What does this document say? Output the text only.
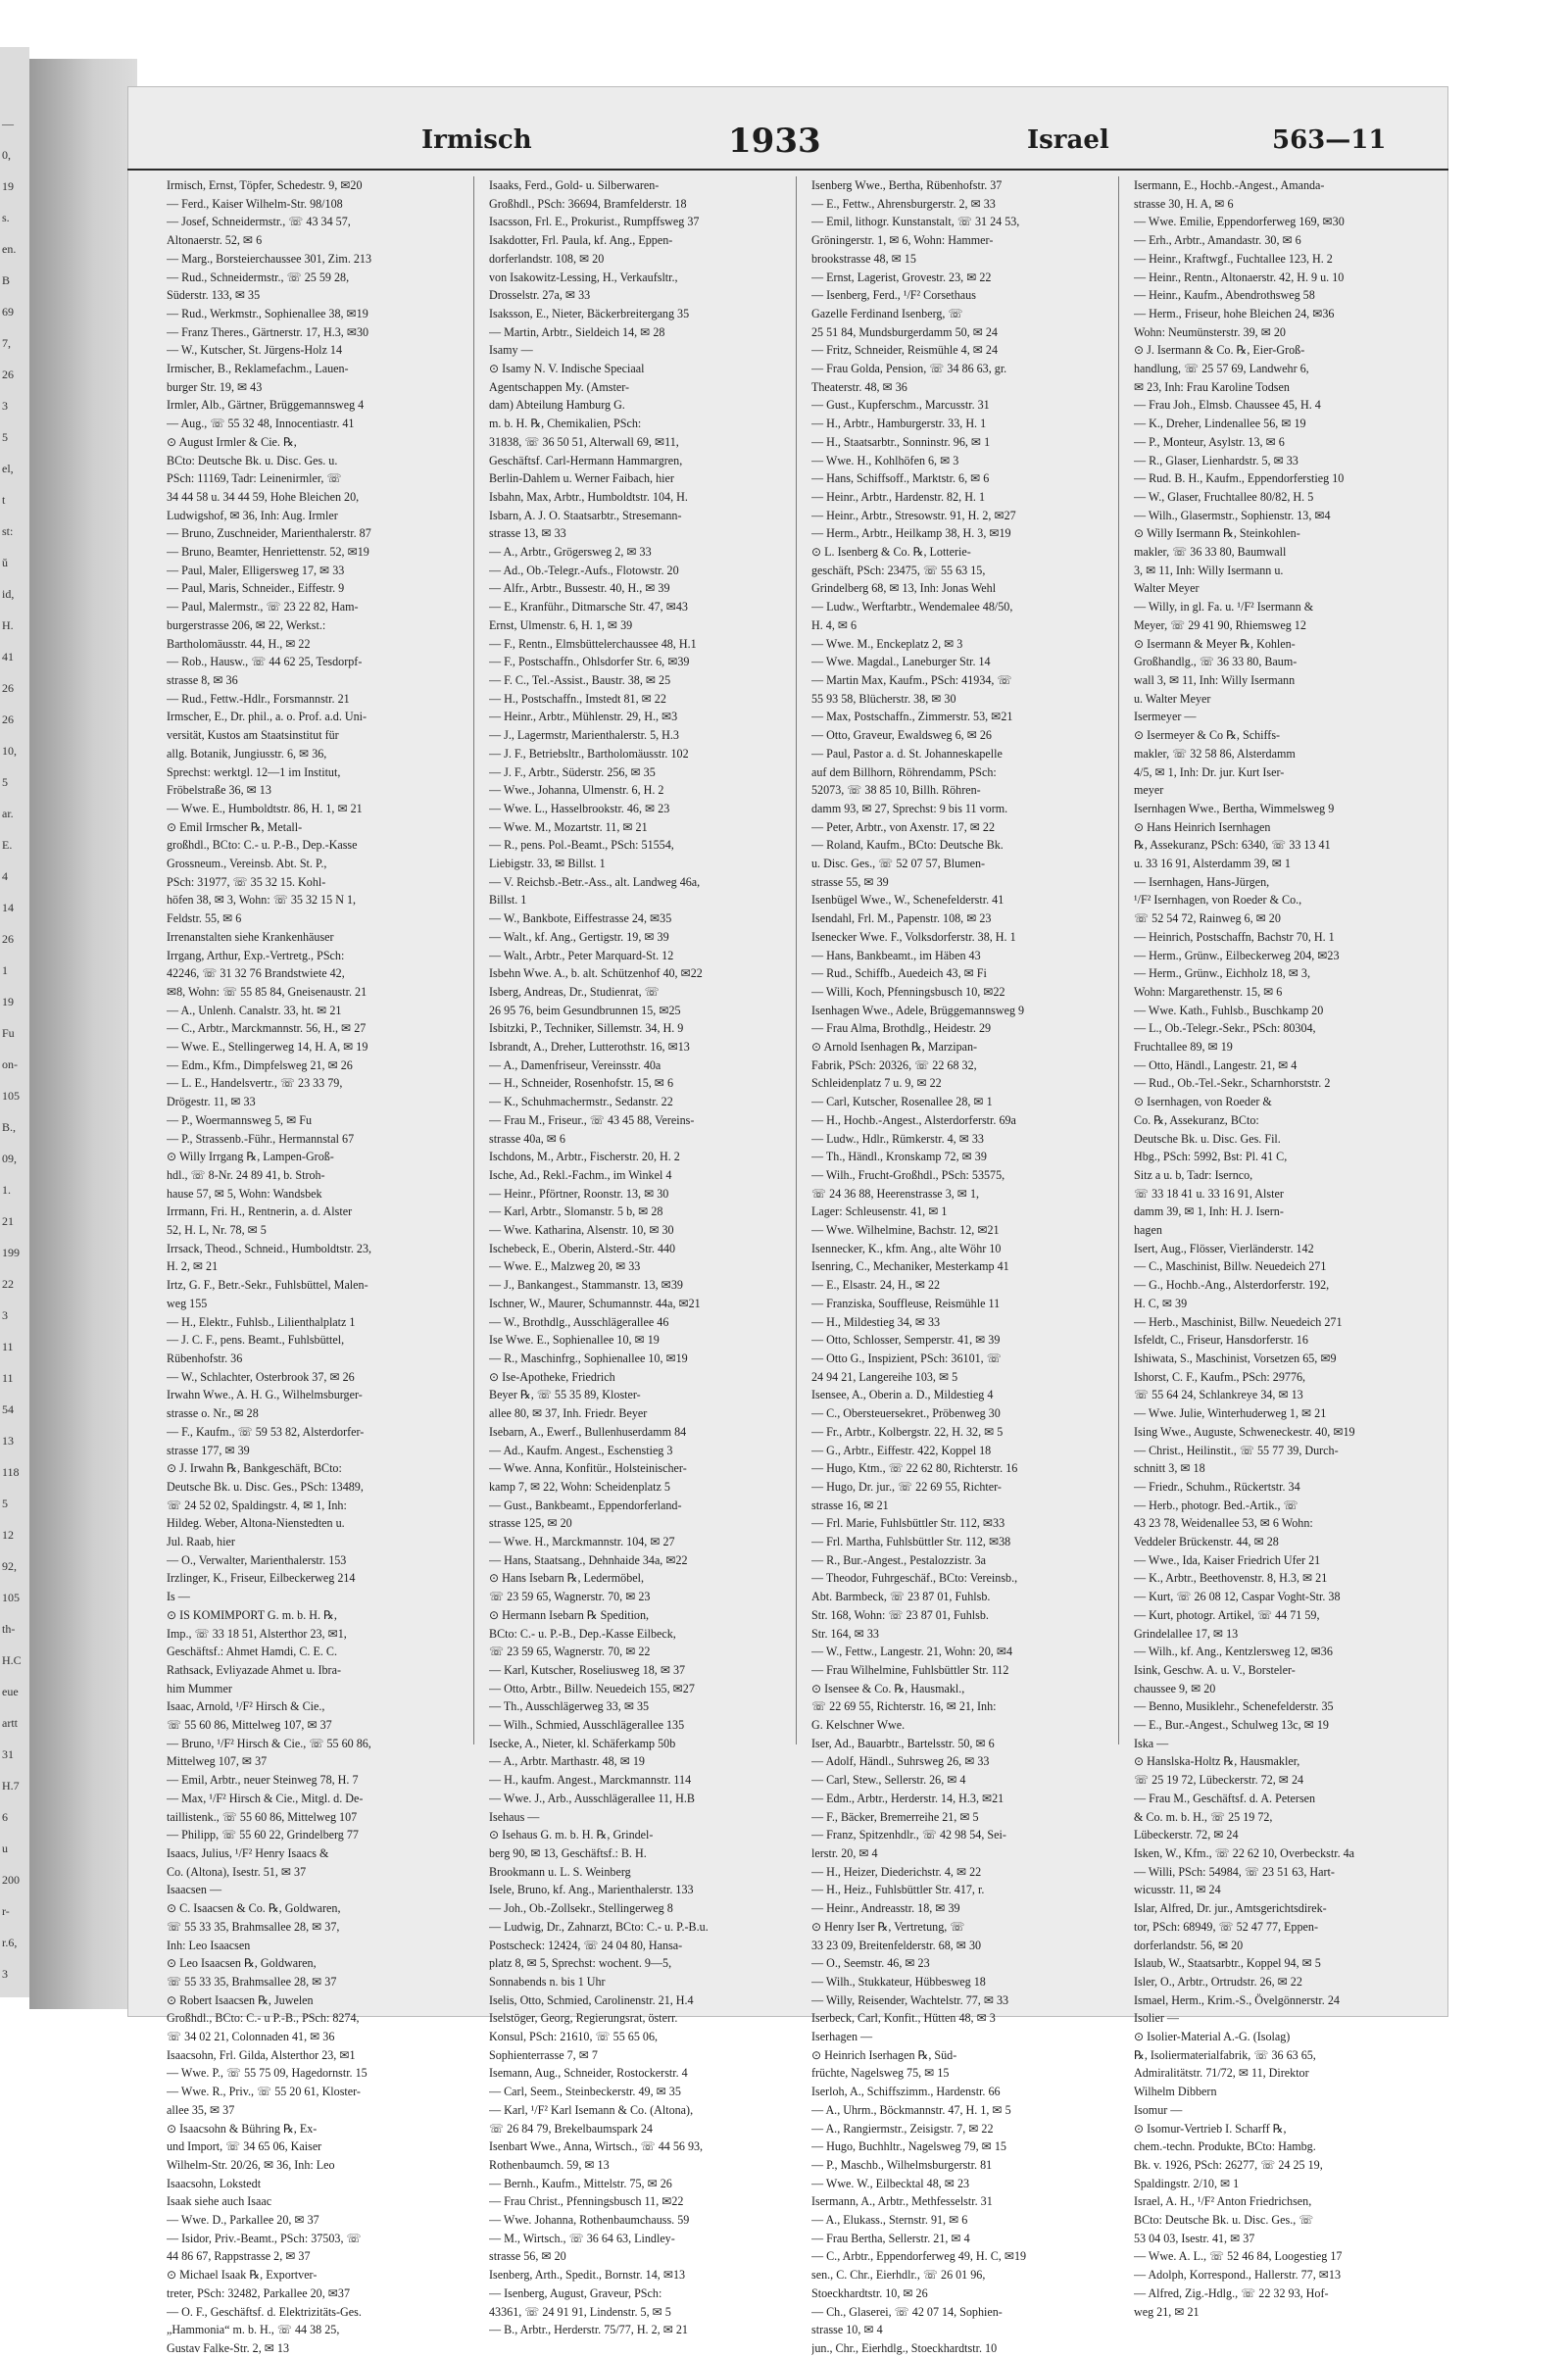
—
0,
19
s.
en.
B
69
7,
26
3
5
el,
t
st:
ŭ
id,
H.
41
26
26
10,
5
ar.
E.
4
14
26
1
19
Fu
on-
105
B.,
09,
1.
21
199
22
3
11
11
54
13
118
5
12
92,
105
th-
H.C
eue
artt
31
H.7
6
u
200
r-
r.6,
3
Irmisch	1933	Israel	563—11
Irmisch, Ernst, Töpfer, Schedestr. 9, ✉20
— Ferd., Kaiser Wilhelm-Str. 98/108
— Josef, Schneidermstr., ☏ 43 34 57,
Altonaerstr. 52, ✉ 6
— Marg., Borsteierchaussee 301, Zim. 213
— Rud., Schneidermstr., ☏ 25 59 28,
Süderstr. 133, ✉ 35
— Rud., Werkmstr., Sophienallee 38, ✉19
— Franz Theres., Gärtnerstr. 17, H.3, ✉30
— W., Kutscher, St. Jürgens-Holz 14
Irmischer, B., Reklamefachm., Lauen-
burger Str. 19, ✉ 43
Irmler, Alb., Gärtner, Brüggemannsweg 4
— Aug., ☏ 55 32 48, Innocentiastr. 41
⊙ August Irmler & Cie. ℞,
BCto: Deutsche Bk. u. Disc. Ges. u.
PSch: 11169, Tadr: Leinenirmler, ☏
34 44 58 u. 34 44 59, Hohe Bleichen 20,
Ludwigshof, ✉ 36, Inh: Aug. Irmler
— Bruno, Zuschneider, Marienthalerstr. 87
— Bruno, Beamter, Henriettenstr. 52, ✉19
— Paul, Maler, Elligersweg 17, ✉ 33
— Paul, Maris, Schneider., Eiffestr. 9
— Paul, Malermstr., ☏ 23 22 82, Ham-
burgerstrasse 206, ✉ 22, Werkst.:
Bartholomäusstr. 44, H., ✉ 22
— Rob., Hausw., ☏ 44 62 25, Tesdorpf-
strasse 8, ✉ 36
— Rud., Fettw.-Hdlr., Forsmannstr. 21
Irmscher, E., Dr. phil., a. o. Prof. a.d. Uni-
versität, Kustos am Staatsinstitut für
allg. Botanik, Jungiusstr. 6, ✉ 36,
Sprechst: werktgl. 12—1 im Institut,
Fröbelstraße 36, ✉ 13
— Wwe. E., Humboldtstr. 86, H. 1, ✉ 21
⊙ Emil Irmscher ℞, Metall-
großhdl., BCto: C.- u. P.-B., Dep.-Kasse
Grossneum., Vereinsb. Abt. St. P.,
PSch: 31977, ☏ 35 32 15. Kohl-
höfen 38, ✉ 3, Wohn: ☏ 35 32 15 N 1,
Feldstr. 55, ✉ 6
Irrenanstalten siehe Krankenhäuser
Irrgang, Arthur, Exp.-Vertretg., PSch:
42246, ☏ 31 32 76 Brandstwiete 42,
✉8, Wohn: ☏ 55 85 84, Gneisenaustr. 21
— A., Unlenh. Canalstr. 33, ht. ✉ 21
— C., Arbtr., Marckmannstr. 56, H., ✉ 27
— Wwe. E., Stellingerweg 14, H. A, ✉ 19
— Edm., Kfm., Dimpfelsweg 21, ✉ 26
— L. E., Handelsvertr., ☏ 23 33 79,
Drögestr. 11, ✉ 33
— P., Woermannsweg 5, ✉ Fu
— P., Strassenb.-Führ., Hermannstal 67
⊙ Willy Irrgang ℞, Lampen-Groß-
hdl., ☏ 8-Nr. 24 89 41, b. Stroh-
hause 57, ✉ 5, Wohn: Wandsbek
Irrmann, Fri. H., Rentnerin, a. d. Alster
52, H. L, Nr. 78, ✉ 5
Irrsack, Theod., Schneid., Humboldtstr. 23,
H. 2, ✉ 21
Irtz, G. F., Betr.-Sekr., Fuhlsbüttel, Malen-
weg 155
— H., Elektr., Fuhlsb., Lilienthalplatz 1
— J. C. F., pens. Beamt., Fuhlsbüttel,
Rübenhofstr. 36
— W., Schlachter, Osterbrook 37, ✉ 26
Irwahn Wwe., A. H. G., Wilhelmsburger-
strasse o. Nr., ✉ 28
— F., Kaufm., ☏ 59 53 82, Alsterdorfer-
strasse 177, ✉ 39
⊙ J. Irwahn ℞, Bankgeschäft, BCto:
Deutsche Bk. u. Disc. Ges., PSch: 13489,
☏ 24 52 02, Spaldingstr. 4, ✉ 1, Inh:
Hildeg. Weber, Altona-Nienstedten u.
Jul. Raab, hier
— O., Verwalter, Marienthalerstr. 153
Irzlinger, K., Friseur, Eilbeckerweg 214
Is —
⊙ IS KOMIMPORT G. m. b. H. ℞,
Imp., ☏ 33 18 51, Alsterthor 23, ✉1,
Geschäftsf.: Ahmet Hamdi, C. E. C.
Rathsack, Evliyazade Ahmet u. Ibra-
him Mummer
Isaac, Arnold, ¹/F² Hirsch & Cie.,
☏ 55 60 86, Mittelweg 107, ✉ 37
— Bruno, ¹/F² Hirsch & Cie., ☏ 55 60 86,
Mittelweg 107, ✉ 37
— Emil, Arbtr., neuer Steinweg 78, H. 7
— Max, ¹/F² Hirsch & Cie., Mitgl. d. De-
taillistenk., ☏ 55 60 86, Mittelweg 107
— Philipp, ☏ 55 60 22, Grindelberg 77
Isaacs, Julius, ¹/F² Henry Isaacs &
Co. (Altona), Isestr. 51, ✉ 37
Isaacsen —
⊙ C. Isaacsen & Co. ℞, Goldwaren,
☏ 55 33 35, Brahmsallee 28, ✉ 37,
Inh: Leo Isaacsen
⊙ Leo Isaacsen ℞, Goldwaren,
☏ 55 33 35, Brahmsallee 28, ✉ 37
⊙ Robert Isaacsen ℞, Juwelen
Großhdl., BCto: C.- u P.-B., PSch: 8274,
☏ 34 02 21, Colonnaden 41, ✉ 36
Isaacsohn, Frl. Gilda, Alsterthor 23, ✉1
— Wwe. P., ☏ 55 75 09, Hagedornstr. 15
— Wwe. R., Priv., ☏ 55 20 61, Kloster-
allee 35, ✉ 37
⊙ Isaacsohn & Bühring ℞, Ex-
und Import, ☏ 34 65 06, Kaiser
Wilhelm-Str. 20/26, ✉ 36, Inh: Leo
Isaacsohn, Lokstedt
Isaak siehe auch Isaac
— Wwe. D., Parkallee 20, ✉ 37
— Isidor, Priv.-Beamt., PSch: 37503, ☏
44 86 67, Rappstrasse 2, ✉ 37
⊙ Michael Isaak ℞, Exportver-
treter, PSch: 32482, Parkallee 20, ✉37
— O. F., Geschäftsf. d. Elektrizitäts-Ges.
„Hammonia“ m. b. H., ☏ 44 38 25,
Gustav Falke-Str. 2, ✉ 13
Isaaks, Ferd., Gold- u. Silberwaren-
Großhdl., PSch: 36694, Bramfelderstr. 18
Isacsson, Frl. E., Prokurist., Rumpffsweg 37
Isakdotter, Frl. Paula, kf. Ang., Eppen-
dorferlandstr. 108, ✉ 20
von Isakowitz-Lessing, H., Verkaufsltr.,
Drosselstr. 27a, ✉ 33
Isaksson, E., Nieter, Bäckerbreitergang 35
— Martin, Arbtr., Sieldeich 14, ✉ 28
Isamy —
⊙ Isamy N. V. Indische Speciaal
Agentschappen My. (Amster-
dam) Abteilung Hamburg G.
m. b. H. ℞, Chemikalien, PSch:
31838, ☏ 36 50 51, Alterwall 69, ✉11,
Geschäftsf. Carl-Hermann Hammargren,
Berlin-Dahlem u. Werner Faibach, hier
Isbahn, Max, Arbtr., Humboldtstr. 104, H.
Isbarn, A. J. O. Staatsarbtr., Stresemann-
strasse 13, ✉ 33
— A., Arbtr., Grögersweg 2, ✉ 33
— Ad., Ob.-Telegr.-Aufs., Flotowstr. 20
— Alfr., Arbtr., Bussestr. 40, H., ✉ 39
— E., Kranführ., Ditmarsche Str. 47, ✉43
Ernst, Ulmenstr. 6, H. 1, ✉ 39
— F., Rentn., Elmsbüttelerchaussee 48, H.1
— F., Postschaffn., Ohlsdorfer Str. 6, ✉39
— F. C., Tel.-Assist., Baustr. 38, ✉ 25
— H., Postschaffn., Imstedt 81, ✉ 22
— Heinr., Arbtr., Mühlenstr. 29, H., ✉3
— J., Lagermstr, Marienthalerstr. 5, H.3
— J. F., Betriebsltr., Bartholomäusstr. 102
— J. F., Arbtr., Süderstr. 256, ✉ 35
— Wwe., Johanna, Ulmenstr. 6, H. 2
— Wwe. L., Hasselbrookstr. 46, ✉ 23
— Wwe. M., Mozartstr. 11, ✉ 21
— R., pens. Pol.-Beamt., PSch: 51554,
Liebigstr. 33, ✉ Billst. 1
— V. Reichsb.-Betr.-Ass., alt. Landweg 46a,
Billst. 1
— W., Bankbote, Eiffestrasse 24, ✉35
— Walt., kf. Ang., Gertigstr. 19, ✉ 39
— Walt., Arbtr., Peter Marquard-St. 12
Isbehn Wwe. A., b. alt. Schützenhof 40, ✉22
Isberg, Andreas, Dr., Studienrat, ☏
26 95 76, beim Gesundbrunnen 15, ✉25
Isbitzki, P., Techniker, Sillemstr. 34, H. 9
Isbrandt, A., Dreher, Lutterothstr. 16, ✉13
— A., Damenfriseur, Vereinsstr. 40a
— H., Schneider, Rosenhofstr. 15, ✉ 6
— K., Schuhmachermstr., Sedanstr. 22
— Frau M., Friseur., ☏ 43 45 88, Vereins-
strasse 40a, ✉ 6
Ischdons, M., Arbtr., Fischerstr. 20, H. 2
Ische, Ad., Rekl.-Fachm., im Winkel 4
— Heinr., Pförtner, Roonstr. 13, ✉ 30
— Karl, Arbtr., Slomanstr. 5 b, ✉ 28
— Wwe. Katharina, Alsenstr. 10, ✉ 30
Ischebeck, E., Oberin, Alsterd.-Str. 440
— Wwe. E., Malzweg 20, ✉ 33
— J., Bankangest., Stammanstr. 13, ✉39
Ischner, W., Maurer, Schumannstr. 44a, ✉21
— W., Brothdlg., Ausschlägerallee 46
Ise Wwe. E., Sophienallee 10, ✉ 19
— R., Maschinfrg., Sophienallee 10, ✉19
⊙ Ise-Apotheke, Friedrich
Beyer ℞, ☏ 55 35 89, Kloster-
allee 80, ✉ 37, Inh. Friedr. Beyer
Isebarn, A., Ewerf., Bullenhuserdamm 84
— Ad., Kaufm. Angest., Eschenstieg 3
— Wwe. Anna, Konfitür., Holsteinischer-
kamp 7, ✉ 22, Wohn: Scheidenplatz 5
— Gust., Bankbeamt., Eppendorferland-
strasse 125, ✉ 20
— Wwe. H., Marckmannstr. 104, ✉ 27
— Hans, Staatsang., Dehnhaide 34a, ✉22
⊙ Hans Isebarn ℞, Ledermöbel,
☏ 23 59 65, Wagnerstr. 70, ✉ 23
⊙ Hermann Isebarn ℞ Spedition,
BCto: C.- u. P.-B., Dep.-Kasse Eilbeck,
☏ 23 59 65, Wagnerstr. 70, ✉ 22
— Karl, Kutscher, Roseliusweg 18, ✉ 37
— Otto, Arbtr., Billw. Neuedeich 155, ✉27
— Th., Ausschlägerweg 33, ✉ 35
— Wilh., Schmied, Ausschlägerallee 135
Isecke, A., Nieter, kl. Schäferkamp 50b
— A., Arbtr. Marthastr. 48, ✉ 19
— H., kaufm. Angest., Marckmannstr. 114
— Wwe. J., Arb., Ausschlägerallee 11, H.B
Isehaus —
⊙ Isehaus G. m. b. H. ℞, Grindel-
berg 90, ✉ 13, Geschäftsf.: B. H.
Brookmann u. L. S. Weinberg
Isele, Bruno, kf. Ang., Marienthalerstr. 133
— Joh., Ob.-Zollsekr., Stellingerweg 8
— Ludwig, Dr., Zahnarzt, BCto: C.- u. P.-B.u.
Postscheck: 12424, ☏ 24 04 80, Hansa-
platz 8, ✉ 5, Sprechst: wochent. 9—5,
Sonnabends n. bis 1 Uhr
Iselis, Otto, Schmied, Carolinenstr. 21, H.4
Iselstöger, Georg, Regierungsrat, österr.
Konsul, PSch: 21610, ☏ 55 65 06,
Sophienterrasse 7, ✉ 7
Isemann, Aug., Schneider, Rostockerstr. 4
— Carl, Seem., Steinbeckerstr. 49, ✉ 35
— Karl, ¹/F² Karl Isemann & Co. (Altona),
☏ 26 84 79, Brekelbaumspark 24
Isenbart Wwe., Anna, Wirtsch., ☏ 44 56 93,
Rothenbaumch. 59, ✉ 13
— Bernh., Kaufm., Mittelstr. 75, ✉ 26
— Frau Christ., Pfenningsbusch 11, ✉22
— Wwe. Johanna, Rothenbaumchauss. 59
— M., Wirtsch., ☏ 36 64 63, Lindley-
strasse 56, ✉ 20
Isenberg, Arth., Spedit., Bornstr. 14, ✉13
— Isenberg, August, Graveur, PSch:
43361, ☏ 24 91 91, Lindenstr. 5, ✉ 5
— B., Arbtr., Herderstr. 75/77, H. 2, ✉ 21
Isenberg Wwe., Bertha, Rübenhofstr. 37
— E., Fettw., Ahrensburgerstr. 2, ✉ 33
— Emil, lithogr. Kunstanstalt, ☏ 31 24 53,
Gröningerstr. 1, ✉ 6, Wohn: Hammer-
brookstrasse 48, ✉ 15
— Ernst, Lagerist, Grovestr. 23, ✉ 22
— Isenberg, Ferd., ¹/F² Corsethaus
Gazelle Ferdinand Isenberg, ☏
25 51 84, Mundsburgerdamm 50, ✉ 24
— Fritz, Schneider, Reismühle 4, ✉ 24
— Frau Golda, Pension, ☏ 34 86 63, gr.
Theaterstr. 48, ✉ 36
— Gust., Kupferschm., Marcusstr. 31
— H., Arbtr., Hamburgerstr. 33, H. 1
— H., Staatsarbtr., Sonninstr. 96, ✉ 1
— Wwe. H., Kohlhöfen 6, ✉ 3
— Hans, Schiffsoff., Marktstr. 6, ✉ 6
— Heinr., Arbtr., Hardenstr. 82, H. 1
— Heinr., Arbtr., Stresowstr. 91, H. 2, ✉27
— Herm., Arbtr., Heilkamp 38, H. 3, ✉19
⊙ L. Isenberg & Co. ℞, Lotterie-
geschäft, PSch: 23475, ☏ 55 63 15,
Grindelberg 68, ✉ 13, Inh: Jonas Wehl
— Ludw., Werftarbtr., Wendemalee 48/50,
H. 4, ✉ 6
— Wwe. M., Enckeplatz 2, ✉ 3
— Wwe. Magdal., Laneburger Str. 14
— Martin Max, Kaufm., PSch: 41934, ☏
55 93 58, Blücherstr. 38, ✉ 30
— Max, Postschaffn., Zimmerstr. 53, ✉21
— Otto, Graveur, Ewaldsweg 6, ✉ 26
— Paul, Pastor a. d. St. Johanneskapelle
auf dem Billhorn, Röhrendamm, PSch:
52073, ☏ 38 85 10, Billh. Röhren-
damm 93, ✉ 27, Sprechst: 9 bis 11 vorm.
— Peter, Arbtr., von Axenstr. 17, ✉ 22
— Roland, Kaufm., BCto: Deutsche Bk.
u. Disc. Ges., ☏ 52 07 57, Blumen-
strasse 55, ✉ 39
Isenbügel Wwe., W., Schenefelderstr. 41
Isendahl, Frl. M., Papenstr. 108, ✉ 23
Isenecker Wwe. F., Volksdorferstr. 38, H. 1
— Hans, Bankbeamt., im Häben 43
— Rud., Schiffb., Auedeich 43, ✉ Fi
— Willi, Koch, Pfenningsbusch 10, ✉22
Isenhagen Wwe., Adele, Brüggemannsweg 9
— Frau Alma, Brothdlg., Heidestr. 29
⊙ Arnold Isenhagen ℞, Marzipan-
Fabrik, PSch: 20326, ☏ 22 68 32,
Schleidenplatz 7 u. 9, ✉ 22
— Carl, Kutscher, Rosenallee 28, ✉ 1
— H., Hochb.-Angest., Alsterdorferstr. 69a
— Ludw., Hdlr., Rümkerstr. 4, ✉ 33
— Th., Händl., Kronskamp 72, ✉ 39
— Wilh., Frucht-Großhdl., PSch: 53575,
☏ 24 36 88, Heerenstrasse 3, ✉ 1,
Lager: Schleusenstr. 41, ✉ 1
— Wwe. Wilhelmine, Bachstr. 12, ✉21
Isennecker, K., kfm. Ang., alte Wöhr 10
Isenring, C., Mechaniker, Mesterkamp 41
— E., Elsastr. 24, H., ✉ 22
— Franziska, Souffleuse, Reismühle 11
— H., Mildestieg 34, ✉ 33
— Otto, Schlosser, Semperstr. 41, ✉ 39
— Otto G., Inspizient, PSch: 36101, ☏
24 94 21, Langereihe 103, ✉ 5
Isensee, A., Oberin a. D., Mildestieg 4
— C., Obersteuersekret., Pröbenweg 30
— Fr., Arbtr., Kolbergstr. 22, H. 32, ✉ 5
— G., Arbtr., Eiffestr. 422, Koppel 18
— Hugo, Ktm., ☏ 22 62 80, Richterstr. 16
— Hugo, Dr. jur., ☏ 22 69 55, Richter-
strasse 16, ✉ 21
— Frl. Marie, Fuhlsbüttler Str. 112, ✉33
— Frl. Martha, Fuhlsbüttler Str. 112, ✉38
— R., Bur.-Angest., Pestalozzistr. 3a
— Theodor, Fuhrgeschäf., BCto: Vereinsb.,
Abt. Barmbeck, ☏ 23 87 01, Fuhlsb.
Str. 168, Wohn: ☏ 23 87 01, Fuhlsb.
Str. 164, ✉ 33
— W., Fettw., Langestr. 21, Wohn: 20, ✉4
— Frau Wilhelmine, Fuhlsbüttler Str. 112
⊙ Isensee & Co. ℞, Hausmakl.,
☏ 22 69 55, Richterstr. 16, ✉ 21, Inh:
G. Kelschner Wwe.
Iser, Ad., Bauarbtr., Bartelsstr. 50, ✉ 6
— Adolf, Händl., Suhrsweg 26, ✉ 33
— Carl, Stew., Sellerstr. 26, ✉ 4
— Edm., Arbtr., Herderstr. 14, H.3, ✉21
— F., Bäcker, Bremerreihe 21, ✉ 5
— Franz, Spitzenhdlr., ☏ 42 98 54, Sei-
lerstr. 20, ✉ 4
— H., Heizer, Diederichstr. 4, ✉ 22
— H., Heiz., Fuhlsbüttler Str. 417, r.
— Heinr., Andreasstr. 18, ✉ 39
⊙ Henry Iser ℞, Vertretung, ☏
33 23 09, Breitenfelderstr. 68, ✉ 30
— O., Seemstr. 46, ✉ 23
— Wilh., Stukkateur, Hübbesweg 18
— Willy, Reisender, Wachtelstr. 77, ✉ 33
Iserbeck, Carl, Konfit., Hütten 48, ✉ 3
Iserhagen —
⊙ Heinrich Iserhagen ℞, Süd-
früchte, Nagelsweg 75, ✉ 15
Iserloh, A., Schiffszimm., Hardenstr. 66
— A., Uhrm., Böckmannstr. 47, H. 1, ✉ 5
— A., Rangiermstr., Zeisigstr. 7, ✉ 22
— Hugo, Buchhltr., Nagelsweg 79, ✉ 15
— P., Maschb., Wilhelmsburgerstr. 81
— Wwe. W., Eilbecktal 48, ✉ 23
Isermann, A., Arbtr., Methfesselstr. 31
— A., Elukass., Sternstr. 91, ✉ 6
— Frau Bertha, Sellerstr. 21, ✉ 4
— C., Arbtr., Eppendorferweg 49, H. C, ✉19
sen., C. Chr., Eierhdlr., ☏ 26 01 96,
Stoeckhardtstr. 10, ✉ 26
— Ch., Glaserei, ☏ 42 07 14, Sophien-
strasse 10, ✉ 4
jun., Chr., Eierhdlg., Stoeckhardtstr. 10
Isermann, E., Hochb.-Angest., Amanda-
strasse 30, H. A, ✉ 6
— Wwe. Emilie, Eppendorferweg 169, ✉30
— Erh., Arbtr., Amandastr. 30, ✉ 6
— Heinr., Kraftwgf., Fuchtallee 123, H. 2
— Heinr., Rentn., Altonaerstr. 42, H. 9 u. 10
— Heinr., Kaufm., Abendrothsweg 58
— Herm., Friseur, hohe Bleichen 24, ✉36
Wohn: Neumünsterstr. 39, ✉ 20
⊙ J. Isermann & Co. ℞, Eier-Groß-
handlung, ☏ 25 57 69, Landwehr 6,
✉ 23, Inh: Frau Karoline Todsen
— Frau Joh., Elmsb. Chaussee 45, H. 4
— K., Dreher, Lindenallee 56, ✉ 19
— P., Monteur, Asylstr. 13, ✉ 6
— R., Glaser, Lienhardstr. 5, ✉ 33
— Rud. B. H., Kaufm., Eppendorferstieg 10
— W., Glaser, Fruchtallee 80/82, H. 5
— Wilh., Glasermstr., Sophienstr. 13, ✉4
⊙ Willy Isermann ℞, Steinkohlen-
makler, ☏ 36 33 80, Baumwall
3, ✉ 11, Inh: Willy Isermann u.
Walter Meyer
— Willy, in gl. Fa. u. ¹/F² Isermann &
Meyer, ☏ 29 41 90, Rhiemsweg 12
⊙ Isermann & Meyer ℞, Kohlen-
Großhandlg., ☏ 36 33 80, Baum-
wall 3, ✉ 11, Inh: Willy Isermann
u. Walter Meyer
Isermeyer —
⊙ Isermeyer & Co ℞, Schiffs-
makler, ☏ 32 58 86, Alsterdamm
4/5, ✉ 1, Inh: Dr. jur. Kurt Iser-
meyer
Isernhagen Wwe., Bertha, Wimmelsweg 9
⊙ Hans Heinrich Isernhagen
℞, Assekuranz, PSch: 6340, ☏ 33 13 41
u. 33 16 91, Alsterdamm 39, ✉ 1
— Isernhagen, Hans-Jürgen,
¹/F² Isernhagen, von Roeder & Co.,
☏ 52 54 72, Rainweg 6, ✉ 20
— Heinrich, Postschaffn, Bachstr 70, H. 1
— Herm., Grünw., Eilbeckerweg 204, ✉23
— Herm., Grünw., Eichholz 18, ✉ 3,
Wohn: Margarethenstr. 15, ✉ 6
— Wwe. Kath., Fuhlsb., Buschkamp 20
— L., Ob.-Telegr.-Sekr., PSch: 80304,
Fruchtallee 89, ✉ 19
— Otto, Händl., Langestr. 21, ✉ 4
— Rud., Ob.-Tel.-Sekr., Scharnhorststr. 2
⊙ Isernhagen, von Roeder &
Co. ℞, Assekuranz, BCto:
Deutsche Bk. u. Disc. Ges. Fil.
Hbg., PSch: 5992, Bst: Pl. 41 C,
Sitz a u. b, Tadr: Isernco,
☏ 33 18 41 u. 33 16 91, Alster
damm 39, ✉ 1, Inh: H. J. Isern-
hagen
Isert, Aug., Flösser, Vierländerstr. 142
— C., Maschinist, Billw. Neuedeich 271
— G., Hochb.-Ang., Alsterdorferstr. 192,
H. C, ✉ 39
— Herb., Maschinist, Billw. Neuedeich 271
Isfeldt, C., Friseur, Hansdorferstr. 16
Ishiwata, S., Maschinist, Vorsetzen 65, ✉9
Ishorst, C. F., Kaufm., PSch: 29776,
☏ 55 64 24, Schlankreye 34, ✉ 13
— Wwe. Julie, Winterhuderweg 1, ✉ 21
Ising Wwe., Auguste, Schweneckestr. 40, ✉19
— Christ., Heilinstit., ☏ 55 77 39, Durch-
schnitt 3, ✉ 18
— Friedr., Schuhm., Rückertstr. 34
— Herb., photogr. Bed.-Artik., ☏
43 23 78, Weidenallee 53, ✉ 6 Wohn:
Veddeler Brückenstr. 44, ✉ 28
— Wwe., Ida, Kaiser Friedrich Ufer 21
— K., Arbtr., Beethovenstr. 8, H.3, ✉ 21
— Kurt, ☏ 26 08 12, Caspar Voght-Str. 38
— Kurt, photogr. Artikel, ☏ 44 71 59,
Grindelallee 17, ✉ 13
— Wilh., kf. Ang., Kentzlersweg 12, ✉36
Isink, Geschw. A. u. V., Borsteler-
chaussee 9, ✉ 20
— Benno, Musiklehr., Schenefelderstr. 35
— E., Bur.-Angest., Schulweg 13c, ✉ 19
Iska —
⊙ Hanslska-Holtz ℞, Hausmakler,
☏ 25 19 72, Lübeckerstr. 72, ✉ 24
— Frau M., Geschäftsf. d. A. Petersen
& Co. m. b. H., ☏ 25 19 72,
Lübeckerstr. 72, ✉ 24
Isken, W., Kfm., ☏ 22 62 10, Overbeckstr. 4a
— Willi, PSch: 54984, ☏ 23 51 63, Hart-
wicusstr. 11, ✉ 24
Islar, Alfred, Dr. jur., Amtsgerichtsdirek-
tor, PSch: 68949, ☏ 52 47 77, Eppen-
dorferlandstr. 56, ✉ 20
Islaub, W., Staatsarbtr., Koppel 94, ✉ 5
Isler, O., Arbtr., Ortrudstr. 26, ✉ 22
Ismael, Herm., Krim.-S., Övelgönnerstr. 24
Isolier —
⊙ Isolier-Material A.-G. (Isolag)
℞, Isoliermaterialfabrik, ☏ 36 63 65,
Admiralitätstr. 71/72, ✉ 11, Direktor
Wilhelm Dibbern
Isomur —
⊙ Isomur-Vertrieb I. Scharff ℞,
chem.-techn. Produkte, BCto: Hambg.
Bk. v. 1926, PSch: 26277, ☏ 24 25 19,
Spaldingstr. 2/10, ✉ 1
Israel, A. H., ¹/F² Anton Friedrichsen,
BCto: Deutsche Bk. u. Disc. Ges., ☏
53 04 03, Isestr. 41, ✉ 37
— Wwe. A. L., ☏ 52 46 84, Loogestieg 17
— Adolph, Korrespond., Hallerstr. 77, ✉13
— Alfred, Zig.-Hdlg., ☏ 22 32 93, Hof-
weg 21, ✉ 21
